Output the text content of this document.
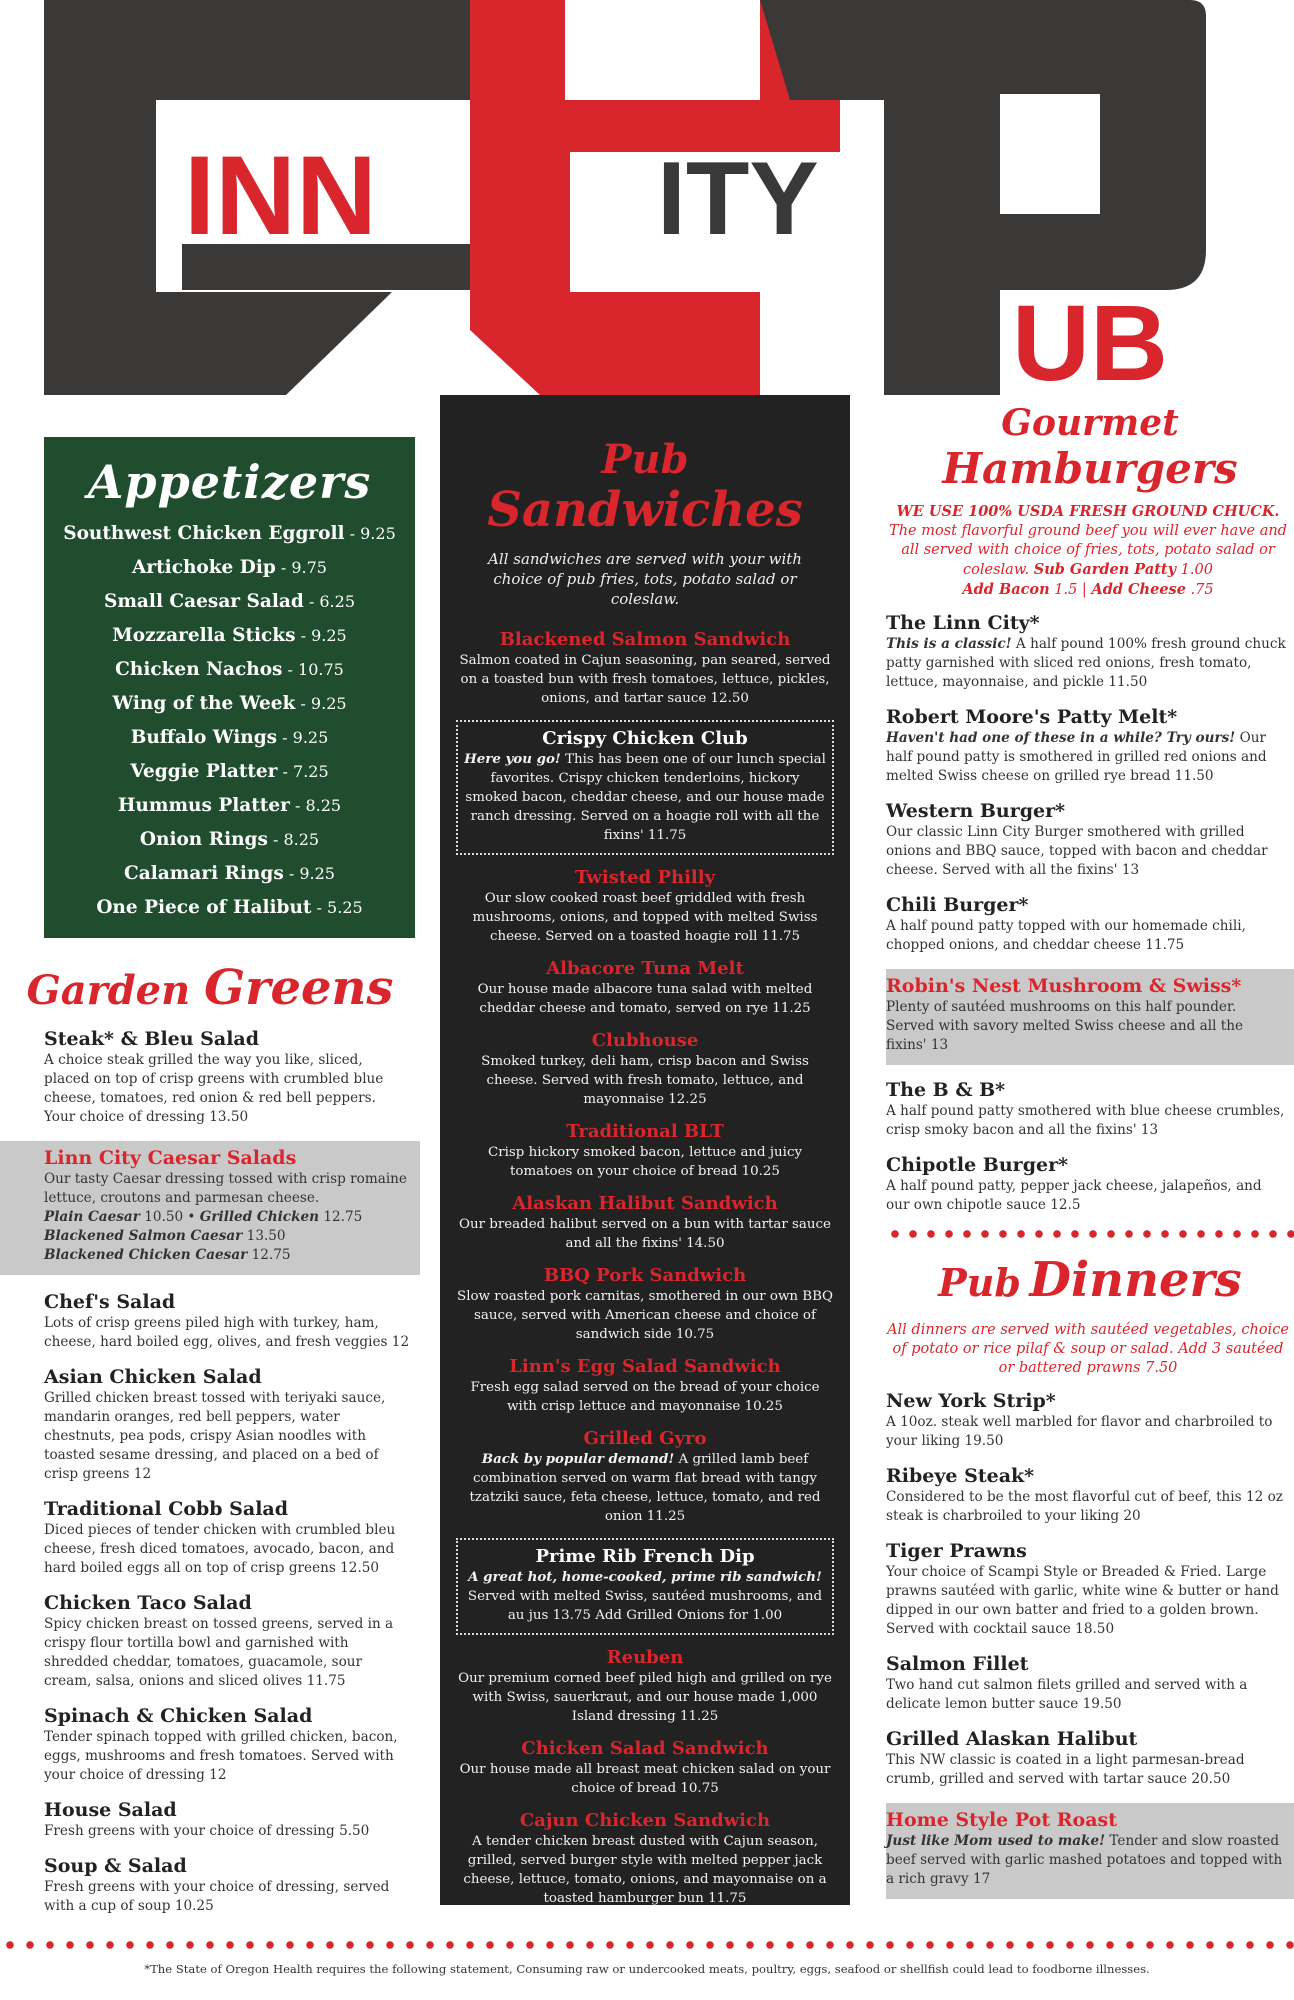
INN	ITY
UB
Appetizers
Southwest Chicken Eggroll - 9.25
Artichoke Dip - 9.75
Small Caesar Salad - 6.25
Mozzarella Sticks - 9.25
Chicken Nachos - 10.75
Wing of the Week - 9.25
Buffalo Wings - 9.25
Veggie Platter - 7.25
Hummus Platter - 8.25
Onion Rings - 8.25
Calamari Rings - 9.25
One Piece of Halibut - 5.25
Garden Greens
Steak* & Bleu Salad
A choice steak grilled the way you like, sliced, placed on top of crisp greens with crumbled blue cheese, tomatoes, red onion & red bell peppers. Your choice of dressing 13.50
Linn City Caesar Salads
Our tasty Caesar dressing tossed with crisp romaine lettuce, croutons and parmesan cheese.
Plain Caesar 10.50 • Grilled Chicken 12.75
Blackened Salmon Caesar 13.50
Blackened Chicken Caesar 12.75
Chef's Salad
Lots of crisp greens piled high with turkey, ham, cheese, hard boiled egg, olives, and fresh veggies 12
Asian Chicken Salad
Grilled chicken breast tossed with teriyaki sauce, mandarin oranges, red bell peppers, water chestnuts, pea pods, crispy Asian noodles with toasted sesame dressing, and placed on a bed of crisp greens 12
Traditional Cobb Salad
Diced pieces of tender chicken with crumbled bleu cheese, fresh diced tomatoes, avocado, bacon, and hard boiled eggs all on top of crisp greens 12.50
Chicken Taco Salad
Spicy chicken breast on tossed greens, served in a crispy flour tortilla bowl and garnished with shredded cheddar, tomatoes, guacamole, sour cream, salsa, onions and sliced olives 11.75
Spinach & Chicken Salad
Tender spinach topped with grilled chicken, bacon, eggs, mushrooms and fresh tomatoes. Served with your choice of dressing 12
House Salad
Fresh greens with your choice of dressing 5.50
Soup & Salad
Fresh greens with your choice of dressing, served with a cup of soup 10.25
Pub
Sandwiches
All sandwiches are served with your with choice of pub fries, tots, potato salad or coleslaw.
Blackened Salmon Sandwich
Salmon coated in Cajun seasoning, pan seared, served on a toasted bun with fresh tomatoes, lettuce, pickles, onions, and tartar sauce 12.50
Crispy Chicken Club
Here you go! This has been one of our lunch special favorites. Crispy chicken tenderloins, hickory smoked bacon, cheddar cheese, and our house made ranch dressing. Served on a hoagie roll with all the fixins' 11.75
Twisted Philly
Our slow cooked roast beef griddled with fresh mushrooms, onions, and topped with melted Swiss cheese. Served on a toasted hoagie roll 11.75
Albacore Tuna Melt
Our house made albacore tuna salad with melted cheddar cheese and tomato, served on rye 11.25
Clubhouse
Smoked turkey, deli ham, crisp bacon and Swiss cheese. Served with fresh tomato, lettuce, and mayonnaise 12.25
Traditional BLT
Crisp hickory smoked bacon, lettuce and juicy tomatoes on your choice of bread 10.25
Alaskan Halibut Sandwich
Our breaded halibut served on a bun with tartar sauce and all the fixins' 14.50
BBQ Pork Sandwich
Slow roasted pork carnitas, smothered in our own BBQ sauce, served with American cheese and choice of sandwich side 10.75
Linn's Egg Salad Sandwich
Fresh egg salad served on the bread of your choice with crisp lettuce and mayonnaise 10.25
Grilled Gyro
Back by popular demand! A grilled lamb beef combination served on warm flat bread with tangy tzatziki sauce, feta cheese, lettuce, tomato, and red onion 11.25
Prime Rib French Dip
A great hot, home-cooked, prime rib sandwich! Served with melted Swiss, sautéed mushrooms, and au jus 13.75 Add Grilled Onions for 1.00
Reuben
Our premium corned beef piled high and grilled on rye with Swiss, sauerkraut, and our house made 1,000 Island dressing 11.25
Chicken Salad Sandwich
Our house made all breast meat chicken salad on your choice of bread 10.75
Cajun Chicken Sandwich
A tender chicken breast dusted with Cajun season, grilled, served burger style with melted pepper jack cheese, lettuce, tomato, onions, and mayonnaise on a toasted hamburger bun 11.75
Gourmet
Hamburgers
WE USE 100% USDA FRESH GROUND CHUCK. The most flavorful ground beef you will ever have and all served with choice of fries, tots, potato salad or coleslaw. Sub Garden Patty 1.00
Add Bacon 1.5 | Add Cheese .75
The Linn City*
This is a classic! A half pound 100% fresh ground chuck patty garnished with sliced red onions, fresh tomato, lettuce, mayonnaise, and pickle 11.50
Robert Moore's Patty Melt*
Haven't had one of these in a while? Try ours! Our half pound patty is smothered in grilled red onions and melted Swiss cheese on grilled rye bread 11.50
Western Burger*
Our classic Linn City Burger smothered with grilled onions and BBQ sauce, topped with bacon and cheddar cheese. Served with all the fixins' 13
Chili Burger*
A half pound patty topped with our homemade chili, chopped onions, and cheddar cheese 11.75
Robin's Nest Mushroom & Swiss*
Plenty of sautéed mushrooms on this half pounder. Served with savory melted Swiss cheese and all the fixins' 13
The B & B*
A half pound patty smothered with blue cheese crumbles, crisp smoky bacon and all the fixins' 13
Chipotle Burger*
A half pound patty, pepper jack cheese, jalapeños, and our own chipotle sauce 12.5
Pub Dinners
All dinners are served with sautéed vegetables, choice of potato or rice pilaf & soup or salad. Add 3 sautéed or battered prawns 7.50
New York Strip*
A 10oz. steak well marbled for flavor and charbroiled to your liking 19.50
Ribeye Steak*
Considered to be the most flavorful cut of beef, this 12 oz steak is charbroiled to your liking 20
Tiger Prawns
Your choice of Scampi Style or Breaded & Fried. Large prawns sautéed with garlic, white wine & butter or hand dipped in our own batter and fried to a golden brown. Served with cocktail sauce 18.50
Salmon Fillet
Two hand cut salmon filets grilled and served with a delicate lemon butter sauce 19.50
Grilled Alaskan Halibut
This NW classic is coated in a light parmesan-bread crumb, grilled and served with tartar sauce 20.50
Home Style Pot Roast
Just like Mom used to make! Tender and slow roasted beef served with garlic mashed potatoes and topped with a rich gravy 17
*The State of Oregon Health requires the following statement, Consuming raw or undercooked meats, poultry, eggs, seafood or shellfish could lead to foodborne illnesses.
